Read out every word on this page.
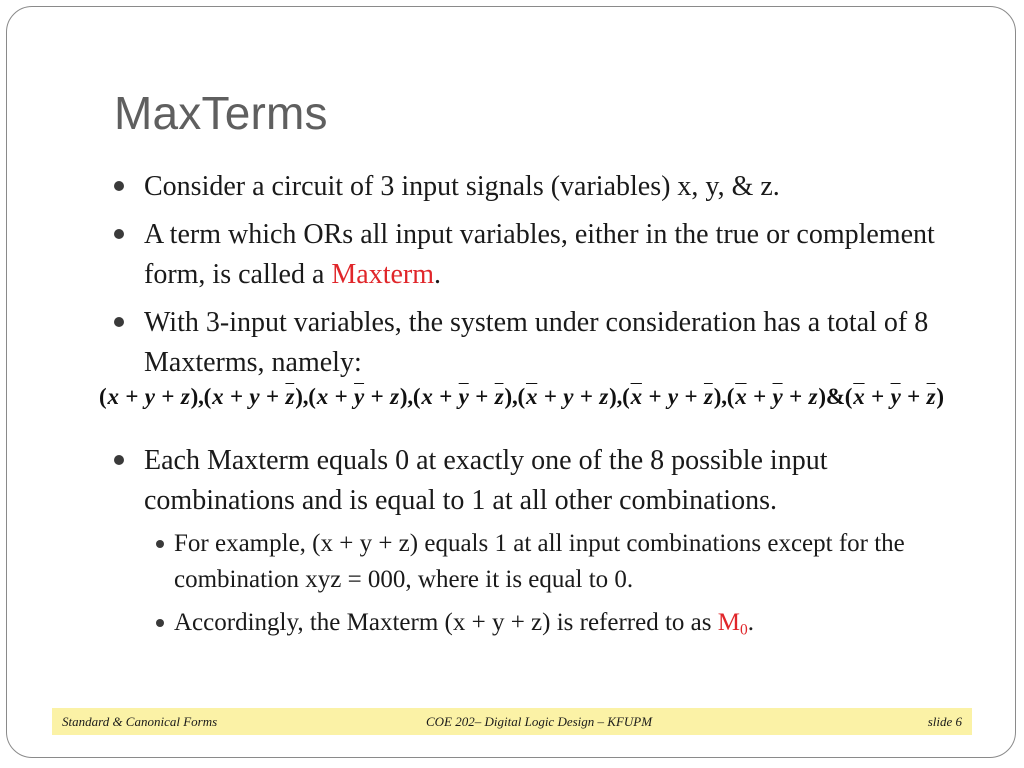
MaxTerms
Consider a circuit of 3 input signals (variables) x, y, & z.
A term which ORs all input variables, either in the true or complement form, is called a Maxterm.
With 3-input variables, the system under consideration has a total of 8 Maxterms, namely:
$(x + y + z),(x + y + \overline{z}),(x + \overline{y} + z),(x + \overline{y} + \overline{z}),(\overline{x} + y + z),(\overline{x} + y + \overline{z}),(\overline{x} + \overline{y}$ + $z)\&(\overline{x} + \overline{y} + \overline{z})$
Each Maxterm equals 0 at exactly one of the 8 possible input combinations and is equal to 1 at all other combinations.
For example, (x + y + z) equals 1 at all input combinations except for the combination xyz = 000, where it is equal to 0.
Accordingly, the Maxterm (x + y + z) is referred to as $M_0$.
Standard & Canonical Forms	COE 202– Digital Logic Design – KFUPM	slide 6
